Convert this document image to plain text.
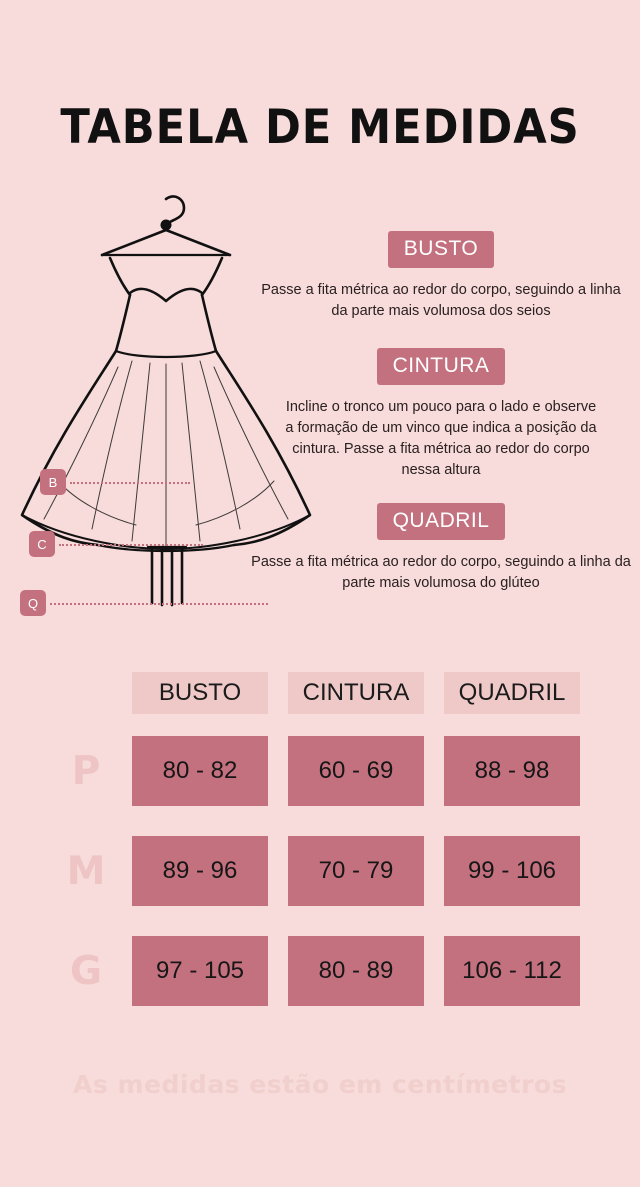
TABELA DE MEDIDAS
B
C
Q
BUSTO

Passe a fita métrica ao redor do corpo, seguindo a linha da parte mais volumosa dos seios

CINTURA

Incline o tronco um pouco para o lado e observe a formação de um vinco que indica a posição da cintura. Passe a fita métrica ao redor do corpo nessa altura

QUADRIL

Passe a fita métrica ao redor do corpo, seguindo a linha da parte mais volumosa do glúteo

BUSTO	CINTURA	QUADRIL
P	80 - 82	60 - 69	88 - 98
M	89 - 96	70 - 79	99 - 106
G	97 - 105	80 - 89	106 - 112
As medidas estão em centímetros
